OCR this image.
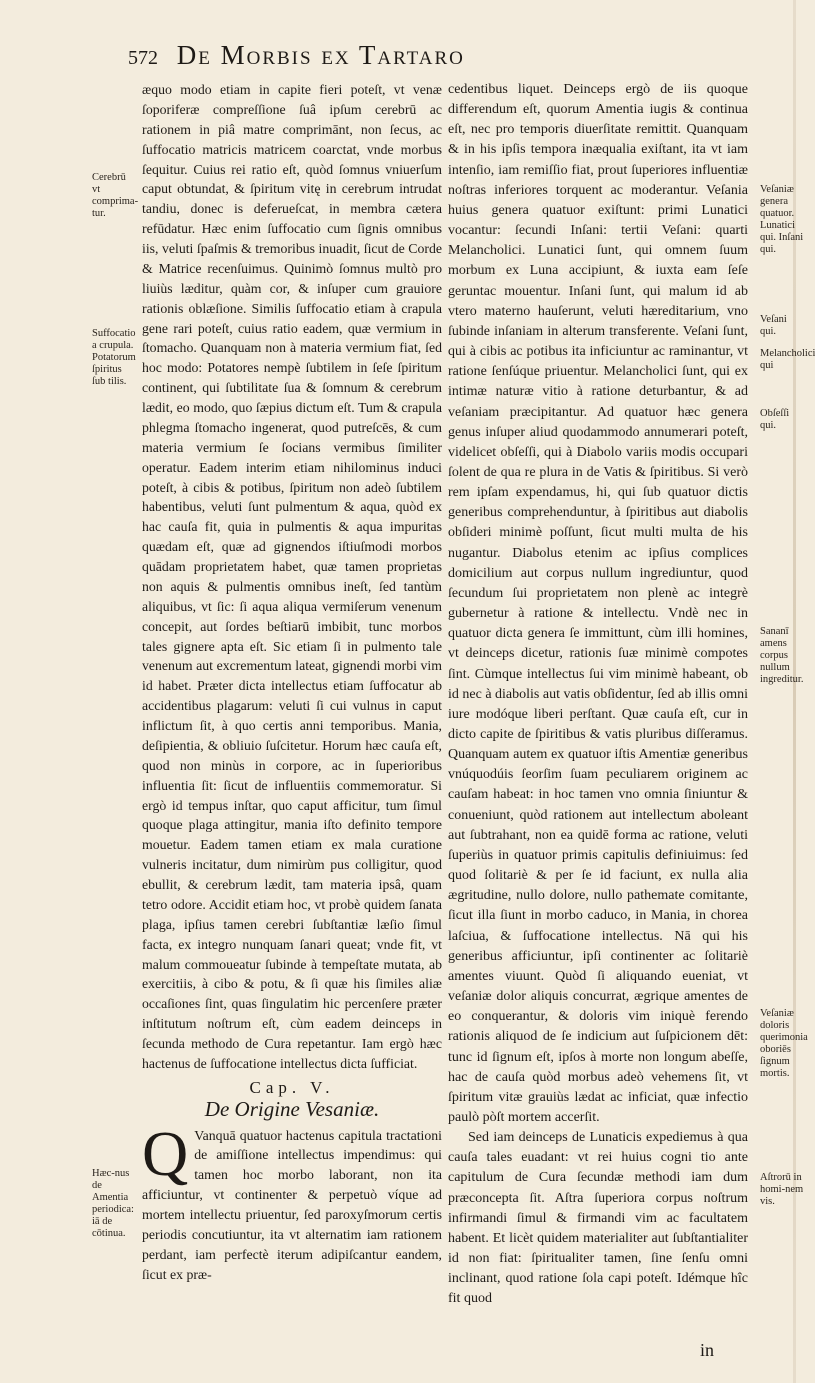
572 De Morbis ex Tartaro

æquo modo etiam in capite fieri poteſt, vt venæ ſoporiferæ compreſſione ſuâ ipſum cerebrū ac rationem in piâ matre comprimānt, non ſecus, ac ſuffocatio matricis matricem coarctat, vnde morbus ſequitur. Cuius rei ratio eſt, quòd ſomnus vniuerſum caput obtundat, & ſpiritum vitę in cerebrum intrudat tandiu, donec is deferueſcat, in membra cætera refūdatur. Hæc enim ſuffocatio cum ſignis omnibus iis, veluti ſpaſmis & tremoribus inuadit, ſicut de Corde & Matrice recenſuimus. Quinimò ſomnus multò pro liuiùs læditur, quàm cor, & inſuper cum grauiore rationis oblæſione. Similis ſuffocatio etiam à crapula gene rari poteſt, cuius ratio eadem, quæ vermium in ſtomacho. Quanquam non à materia vermium fiat, ſed hoc modo: Potatores nempè ſubtilem in ſeſe ſpiritum continent, qui ſubtilitate ſua & ſomnum & cerebrum lædit, eo modo, quo ſæpius dictum eſt. Tum & crapula phlegma ſtomacho ingenerat, quod putreſcēs, & cum materia vermium ſe ſocians vermibus ſimiliter operatur. Eadem interim etiam nihilominus induci poteſt, à cibis & potibus, ſpiritum non adeò ſubtilem habentibus, veluti ſunt pulmentum & aqua, quòd ex hac cauſa fit, quia in pulmentis & aqua impuritas quædam eſt, quæ ad gignendos iſtiuſmodi morbos quādam proprietatem habet, quæ tamen proprietas non aquis & pulmentis omnibus ineſt, ſed tantùm aliquibus, vt ſic: ſi aqua aliqua vermiſerum venenum concepit, aut ſordes beſtiarū imbibit, tunc morbos tales gignere apta eſt. Sic etiam ſi in pulmento tale venenum aut excrementum lateat, gignendi morbi vim id habet. Præter dicta intellectus etiam ſuffocatur ab accidentibus plagarum: veluti ſi cui vulnus in caput inflictum ſit, à quo certis anni temporibus. Mania, deſipientia, & obliuio ſuſcitetur. Horum hæc cauſa eſt, quod non minùs in corpore, ac in ſuperioribus influentia ſit: ſicut de influentiis commemoratur. Si ergò id tempus inſtar, quo caput afficitur, tum ſimul quoque plaga attingitur, mania iſto definito tempore mouetur. Eadem tamen etiam ex mala curatione vulneris incitatur, dum nimirùm pus colligitur, quod ebullit, & cerebrum lædit, tam materia ipsâ, quam tetro odore. Accidit etiam hoc, vt probè quidem ſanata plaga, ipſius tamen cerebri ſubſtantiæ læſio ſimul facta, ex integro nunquam ſanari queat; vnde fit, vt malum commoueatur ſubinde à tempeſtate mutata, ab exercitiis, à cibo & potu, & ſi quæ his ſimiles aliæ occaſiones ſint, quas ſingulatim hic percenſere præter inſtitutum noſtrum eſt, cùm eadem deinceps in ſecunda methodo de Cura repetantur. Iam ergò hæc hactenus de ſuffocatione intellectus dicta ſufficiat.

Cap. V.
De Origine Vesaniæ.

Q Vanquā quatuor hactenus capitula tractationi de amiſſione intellectus impendimus: qui tamen hoc morbo laborant, non ita afficiuntur, vt continenter & perpetuò víque ad mortem intellectu priuentur, ſed paroxyſmorum certis periodis concutiuntur, ita vt alternatim iam rationem perdant, iam perfectè iterum adipiſcantur eandem, ſicut ex præ-

cedentibus liquet. Deinceps ergò de iis quoque differendum eſt, quorum Amentia iugis & continua eſt, nec pro temporis diuerſitate remittit. Quanquam & in his ipſis tempora inæqualia exiſtant, ita vt iam intenſio, iam remiſſio fiat, prout ſuperiores influentiæ noſtras inferiores torquent ac moderantur. Veſania huius genera quatuor exiſtunt: primi Lunatici vocantur: ſecundi Inſani: tertii Veſani: quarti Melancholici. Lunatici ſunt, qui omnem ſuum morbum ex Luna accipiunt, & iuxta eam ſeſe geruntac mouentur. Inſani ſunt, qui malum id ab vtero materno hauſerunt, veluti hæreditarium, vno ſubinde inſaniam in alterum transferente. Veſani ſunt, qui à cibis ac potibus ita inficiuntur ac raminantur, vt ratione ſenſúque priuentur. Melancholici ſunt, qui ex intimæ naturæ vitio à ratione deturbantur, & ad veſaniam præcipitantur. Ad quatuor hæc genera genus inſuper aliud quodammodo annumerari poteſt, videlicet obſeſſi, qui à Diabolo variis modis occupari ſolent de qua re plura in de Vatis & ſpiritibus. Si verò rem ipſam expendamus, hi, qui ſub quatuor dictis generibus comprehenduntur, à ſpiritibus aut diabolis obſideri minimè poſſunt, ſicut multi multa de his nugantur. Diabolus etenim ac ipſius complices domicilium aut corpus nullum ingrediuntur, quod ſecundum ſui proprietatem non plenè ac integrè gubernetur à ratione & intellectu. Vndè nec in quatuor dicta genera ſe immittunt, cùm illi homines, vt deinceps dicetur, rationis ſuæ minimè compotes ſint. Cùmque intellectus ſui vim minimè habeant, ob id nec à diabolis aut vatis obſidentur, ſed ab illis omni iure modóque liberi perſtant. Quæ cauſa eſt, cur in dicto capite de ſpiritibus & vatis pluribus diſſeramus. Quanquam autem ex quatuor iſtis Amentiæ generibus vnúquodúis ſeorſim ſuam peculiarem originem ac cauſam habeat: in hoc tamen vno omnia ſiniuntur & conueniunt, quòd rationem aut intellectum aboleant aut ſubtrahant, non ea quidē forma ac ratione, veluti ſuperiùs in quatuor primis capitulis definiuimus: ſed quod ſolitariè & per ſe id faciunt, ex nulla alia ægritudine, nullo dolore, nullo pathemate comitante, ſicut illa ſiunt in morbo caduco, in Mania, in chorea laſciua, & ſuffocatione intellectus. Nā qui his generibus afficiuntur, ipſi continenter ac ſolitariè amentes viuunt. Quòd ſi aliquando eueniat, vt veſaniæ dolor aliquis concurrat, ægrique amentes de eo conquerantur, & doloris vim iniquè ferendo rationis aliquod de ſe indicium aut ſuſpicionem dēt: tunc id ſignum eſt, ipſos à morte non longum abeſſe, hac de cauſa quòd morbus adeò vehemens ſit, vt ſpiritum vitæ grauiùs lædat ac inficiat, quæ infectio paulò pòſt mortem accerſit.

Sed iam deinceps de Lunaticis expediemus à qua cauſa tales euadant: vt rei huius cogni tio ante capitulum de Cura ſecundæ methodi iam dum præconcepta ſit. Aſtra ſuperiora corpus noſtrum infirmandi ſimul & firmandi vim ac facultatem habent. Et licèt quidem materialiter aut ſubſtantialiter id non fiat: ſpiritualiter tamen, ſine ſenſu omni inclinant, quod ratione ſola capi poteſt. Idémque hîc fit quod

in
Cerebrū vt comprima-tur.
Suffocatio a crupula. Potatorum ſpiritus ſub tilis.
Hæc-nus de Amentia periodica: iā de cōtinua.
Veſaniæ genera quatuor. Lunatici qui. Inſani qui.
Veſani qui.
Melancholici qui
Obſeſſi qui.
Sananī amens corpus nullum ingreditur.
Veſaniæ doloris querimonia oboriēs ſignum mortis.
Aſtrorū in homi-nem vis.
